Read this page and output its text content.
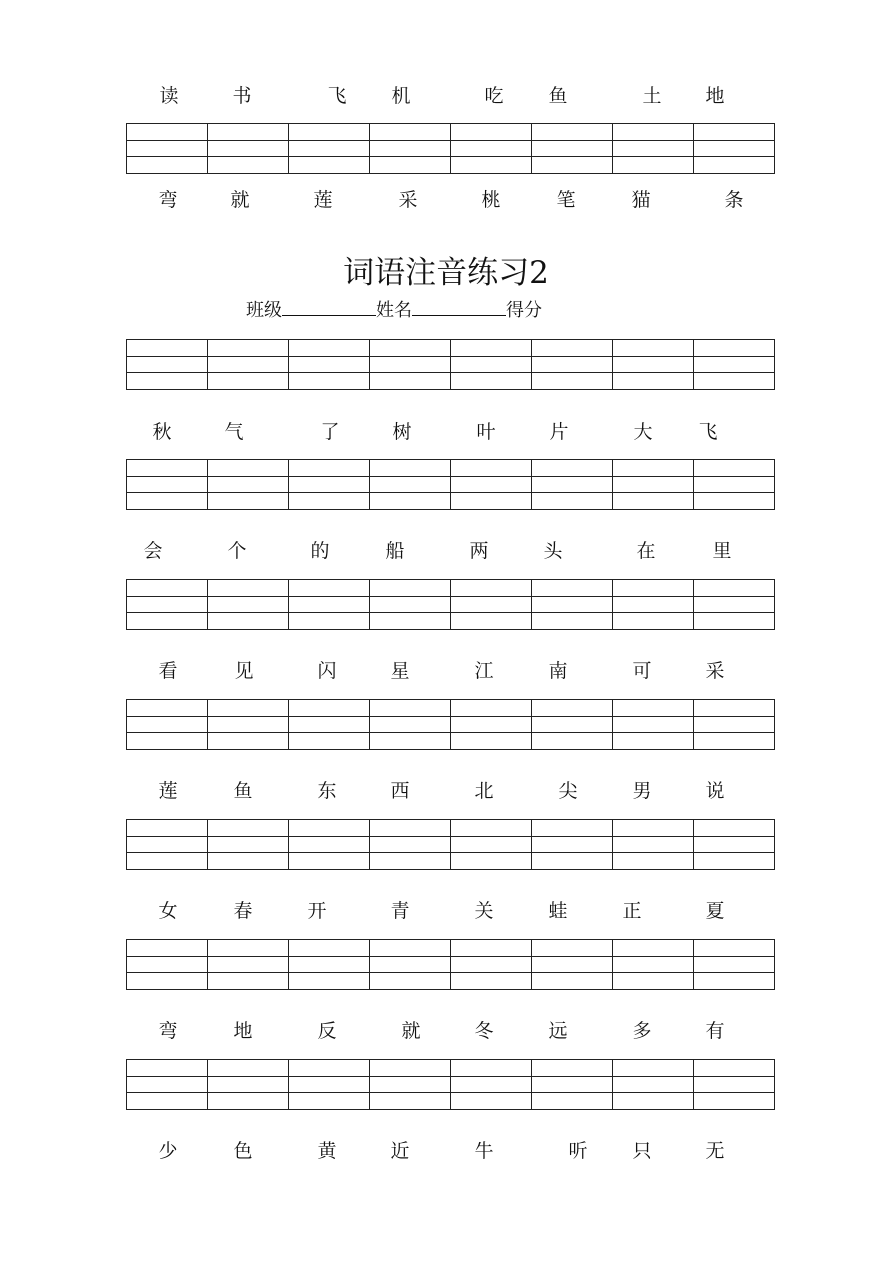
读	书	飞 机	吃 鱼	土 地
弯	就	莲	采	桃	笔	猫	条
词语注音练习2
班级	姓名	得分
秋	气	了	树	叶	片	大 飞
会	个	的	船	两	头	在	里
看	见	闪	星	江	南	可	采
莲	鱼	东	西	北	尖	男	说
女	春	开	青	关	蛙	正	夏
弯	地	反	就	冬	远	多	有
少	色	黄	近	牛	听 只	无
